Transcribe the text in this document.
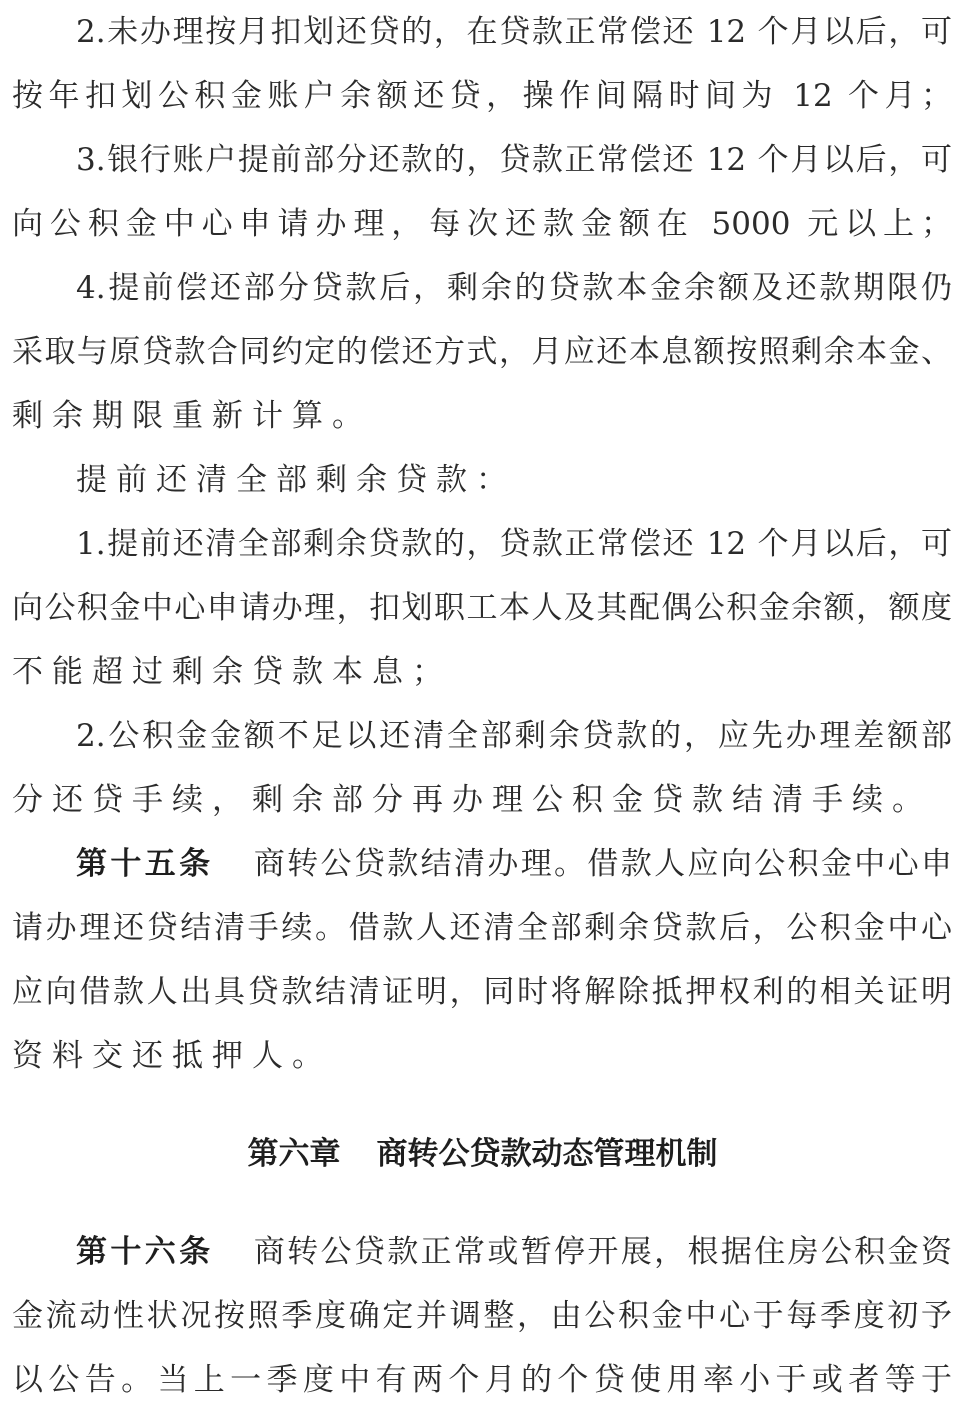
2.未办理按月扣划还贷的，在贷款正常偿还 12 个月以后，可
按年扣划公积金账户余额还贷，操作间隔时间为 12 个月；
3.银行账户提前部分还款的，贷款正常偿还 12 个月以后，可
向公积金中心申请办理，每次还款金额在 5000 元以上；
4.提前偿还部分贷款后，剩余的贷款本金余额及还款期限仍
采取与原贷款合同约定的偿还方式，月应还本息额按照剩余本金、
剩余期限重新计算。
提前还清全部剩余贷款：
1.提前还清全部剩余贷款的，贷款正常偿还 12 个月以后，可
向公积金中心申请办理，扣划职工本人及其配偶公积金余额，额度
不能超过剩余贷款本息；
2.公积金金额不足以还清全部剩余贷款的，应先办理差额部
分还贷手续，剩余部分再办理公积金贷款结清手续。
第十五条 商转公贷款结清办理。借款人应向公积金中心申
请办理还贷结清手续。借款人还清全部剩余贷款后，公积金中心
应向借款人出具贷款结清证明，同时将解除抵押权利的相关证明
资料交还抵押人。
第六章 商转公贷款动态管理机制
第十六条 商转公贷款正常或暂停开展，根据住房公积金资
金流动性状况按照季度确定并调整，由公积金中心于每季度初予
以公告。当上一季度中有两个月的个贷使用率小于或者等于
